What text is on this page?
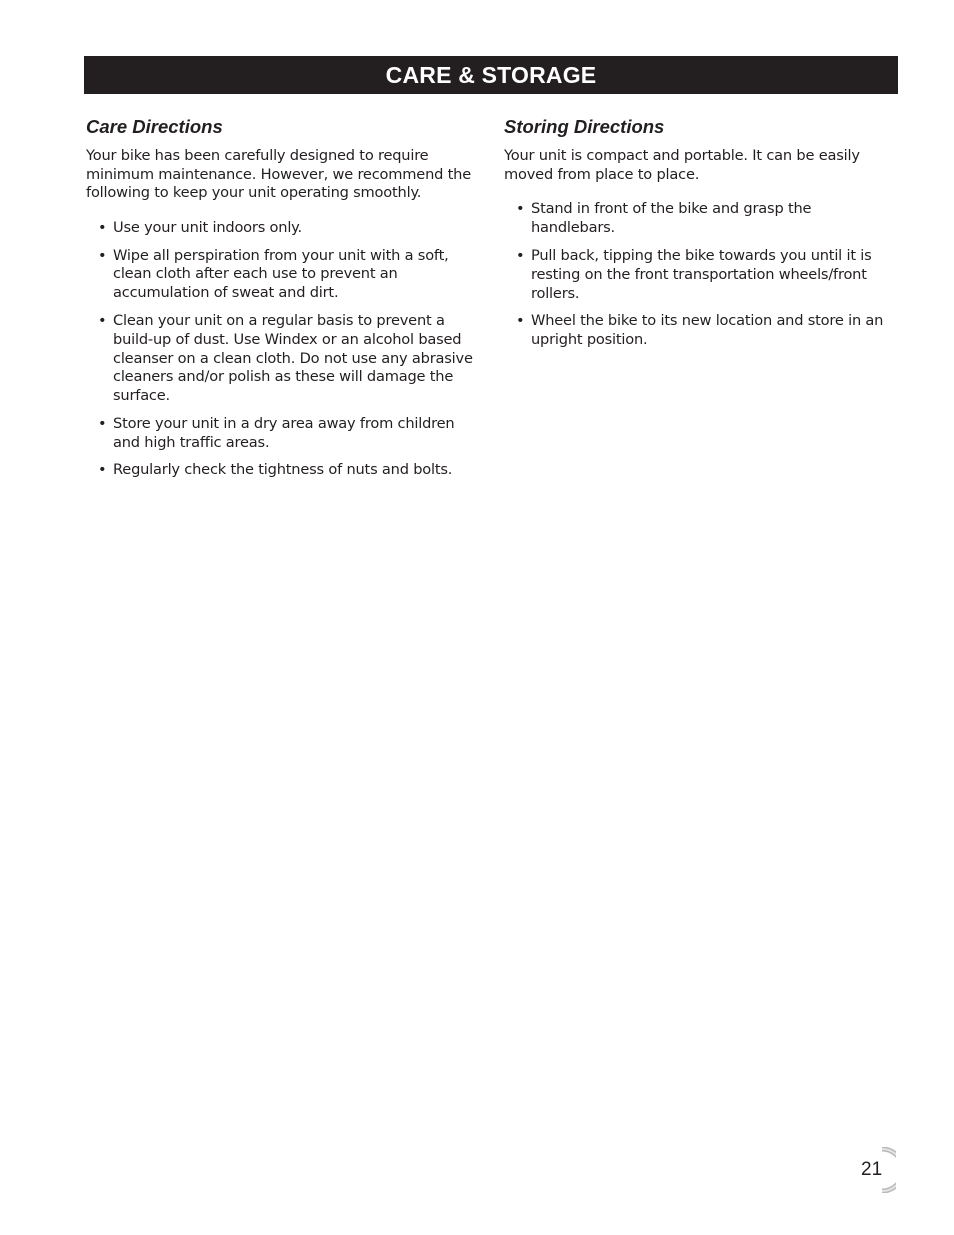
CARE & STORAGE
Care Directions

Your bike has been carefully designed to require minimum maintenance. However, we recommend the following to keep your unit operating smoothly.

• Use your unit indoors only.
• Wipe all perspiration from your unit with a soft, clean cloth after each use to prevent an accumulation of sweat and dirt.
• Clean your unit on a regular basis to prevent a build-up of dust. Use Windex or an alcohol based cleanser on a clean cloth. Do not use any abrasive cleaners and/or polish as these will damage the surface.
• Store your unit in a dry area away from children and high traffic areas.
• Regularly check the tightness of nuts and bolts.
Storing Directions

Your unit is compact and portable. It can be easily moved from place to place.

• Stand in front of the bike and grasp the handlebars.
• Pull back, tipping the bike towards you until it is resting on the front transportation wheels/front rollers.
• Wheel the bike to its new location and store in an upright position.
21
